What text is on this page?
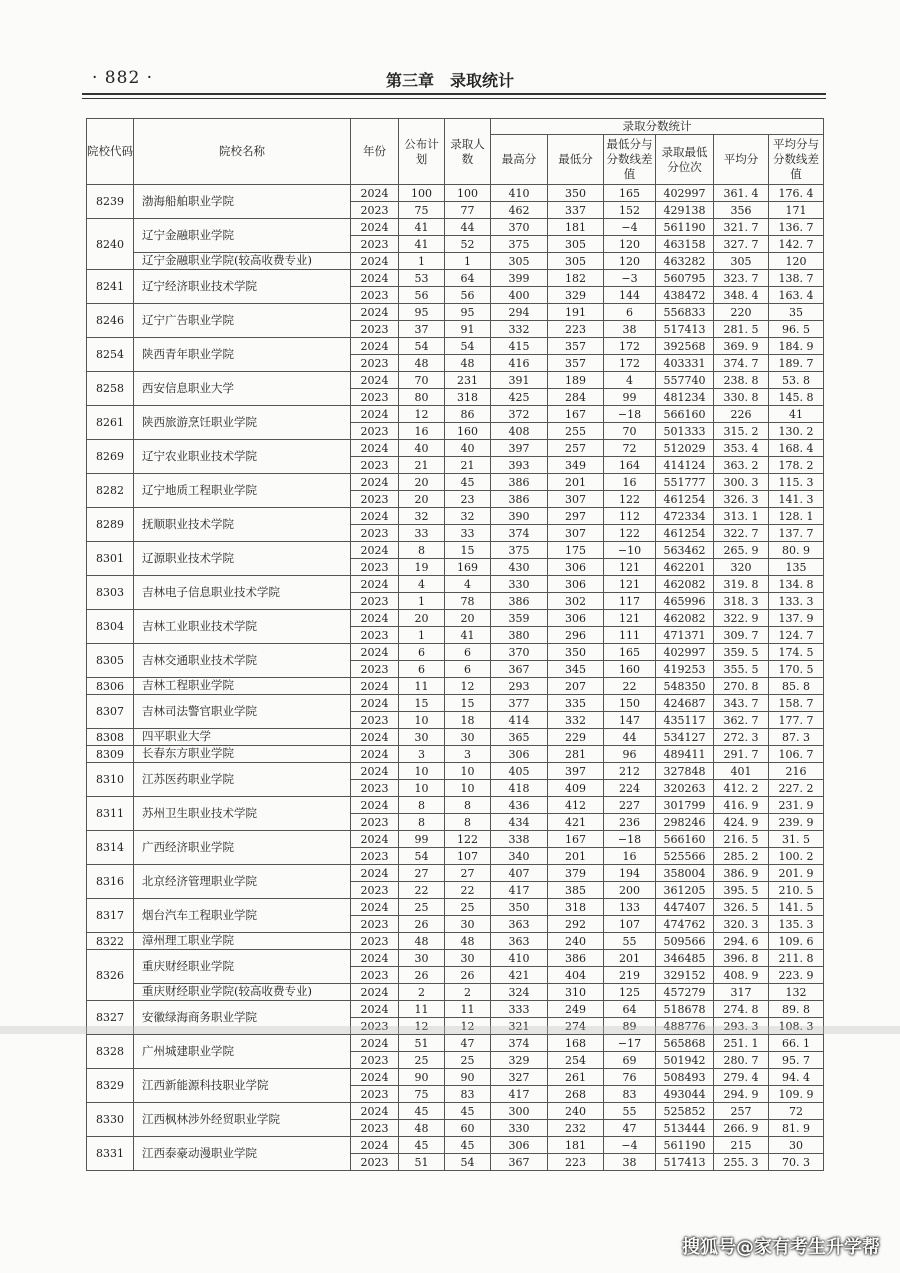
· 882 ·	第三章　录取统计
院校代码	院校名称	年份	公布计划	录取人数	录取分数统计					
					最高分	最低分	最低分与分数线差值	录取最低分位次	平均分	平均分与分数线差值
8239	渤海船舶职业学院	2024	100	100	410	350	165	402997	361. 4	176. 4
		2023	75	77	462	337	152	429138	356	171
8240	辽宁金融职业学院	2024	41	44	370	181	−4	561190	321. 7	136. 7
		2023	41	52	375	305	120	463158	327. 7	142. 7
	辽宁金融职业学院(较高收费专业)	2024	1	1	305	305	120	463282	305	120
8241	辽宁经济职业技术学院	2024	53	64	399	182	−3	560795	323. 7	138. 7
		2023	56	56	400	329	144	438472	348. 4	163. 4
8246	辽宁广告职业学院	2024	95	95	294	191	6	556833	220	35
		2023	37	91	332	223	38	517413	281. 5	96. 5
8254	陕西青年职业学院	2024	54	54	415	357	172	392568	369. 9	184. 9
		2023	48	48	416	357	172	403331	374. 7	189. 7
8258	西安信息职业大学	2024	70	231	391	189	4	557740	238. 8	53. 8
		2023	80	318	425	284	99	481234	330. 8	145. 8
8261	陕西旅游烹饪职业学院	2024	12	86	372	167	−18	566160	226	41
		2023	16	160	408	255	70	501333	315. 2	130. 2
8269	辽宁农业职业技术学院	2024	40	40	397	257	72	512029	353. 4	168. 4
		2023	21	21	393	349	164	414124	363. 2	178. 2
8282	辽宁地质工程职业学院	2024	20	45	386	201	16	551777	300. 3	115. 3
		2023	20	23	386	307	122	461254	326. 3	141. 3
8289	抚顺职业技术学院	2024	32	32	390	297	112	472334	313. 1	128. 1
		2023	33	33	374	307	122	461254	322. 7	137. 7
8301	辽源职业技术学院	2024	8	15	375	175	−10	563462	265. 9	80. 9
		2023	19	169	430	306	121	462201	320	135
8303	吉林电子信息职业技术学院	2024	4	4	330	306	121	462082	319. 8	134. 8
		2023	1	78	386	302	117	465996	318. 3	133. 3
8304	吉林工业职业技术学院	2024	20	20	359	306	121	462082	322. 9	137. 9
		2023	1	41	380	296	111	471371	309. 7	124. 7
8305	吉林交通职业技术学院	2024	6	6	370	350	165	402997	359. 5	174. 5
		2023	6	6	367	345	160	419253	355. 5	170. 5
8306	吉林工程职业学院	2024	11	12	293	207	22	548350	270. 8	85. 8
8307	吉林司法警官职业学院	2024	15	15	377	335	150	424687	343. 7	158. 7
		2023	10	18	414	332	147	435117	362. 7	177. 7
8308	四平职业大学	2024	30	30	365	229	44	534127	272. 3	87. 3
8309	长春东方职业学院	2024	3	3	306	281	96	489411	291. 7	106. 7
8310	江苏医药职业学院	2024	10	10	405	397	212	327848	401	216
		2023	10	10	418	409	224	320263	412. 2	227. 2
8311	苏州卫生职业技术学院	2024	8	8	436	412	227	301799	416. 9	231. 9
		2023	8	8	434	421	236	298246	424. 9	239. 9
8314	广西经济职业学院	2024	99	122	338	167	−18	566160	216. 5	31. 5
		2023	54	107	340	201	16	525566	285. 2	100. 2
8316	北京经济管理职业学院	2024	27	27	407	379	194	358004	386. 9	201. 9
		2023	22	22	417	385	200	361205	395. 5	210. 5
8317	烟台汽车工程职业学院	2024	25	25	350	318	133	447407	326. 5	141. 5
		2023	26	30	363	292	107	474762	320. 3	135. 3
8322	漳州理工职业学院	2023	48	48	363	240	55	509566	294. 6	109. 6
8326	重庆财经职业学院	2024	30	30	410	386	201	346485	396. 8	211. 8
		2023	26	26	421	404	219	329152	408. 9	223. 9
	重庆财经职业学院(较高收费专业)	2024	2	2	324	310	125	457279	317	132
8327	安徽绿海商务职业学院	2024	11	11	333	249	64	518678	274. 8	89. 8
		2023	12	12	321	274	89	488776	293. 3	108. 3
8328	广州城建职业学院	2024	51	47	374	168	−17	565868	251. 1	66. 1
		2023	25	25	329	254	69	501942	280. 7	95. 7
8329	江西新能源科技职业学院	2024	90	90	327	261	76	508493	279. 4	94. 4
		2023	75	83	417	268	83	493044	294. 9	109. 9
8330	江西枫林涉外经贸职业学院	2024	45	45	300	240	55	525852	257	72
		2023	48	60	330	232	47	513444	266. 9	81. 9
8331	江西泰豪动漫职业学院	2024	45	45	306	181	−4	561190	215	30
		2023	51	54	367	223	38	517413	255. 3	70. 3
搜狐号@家有考生升学帮
